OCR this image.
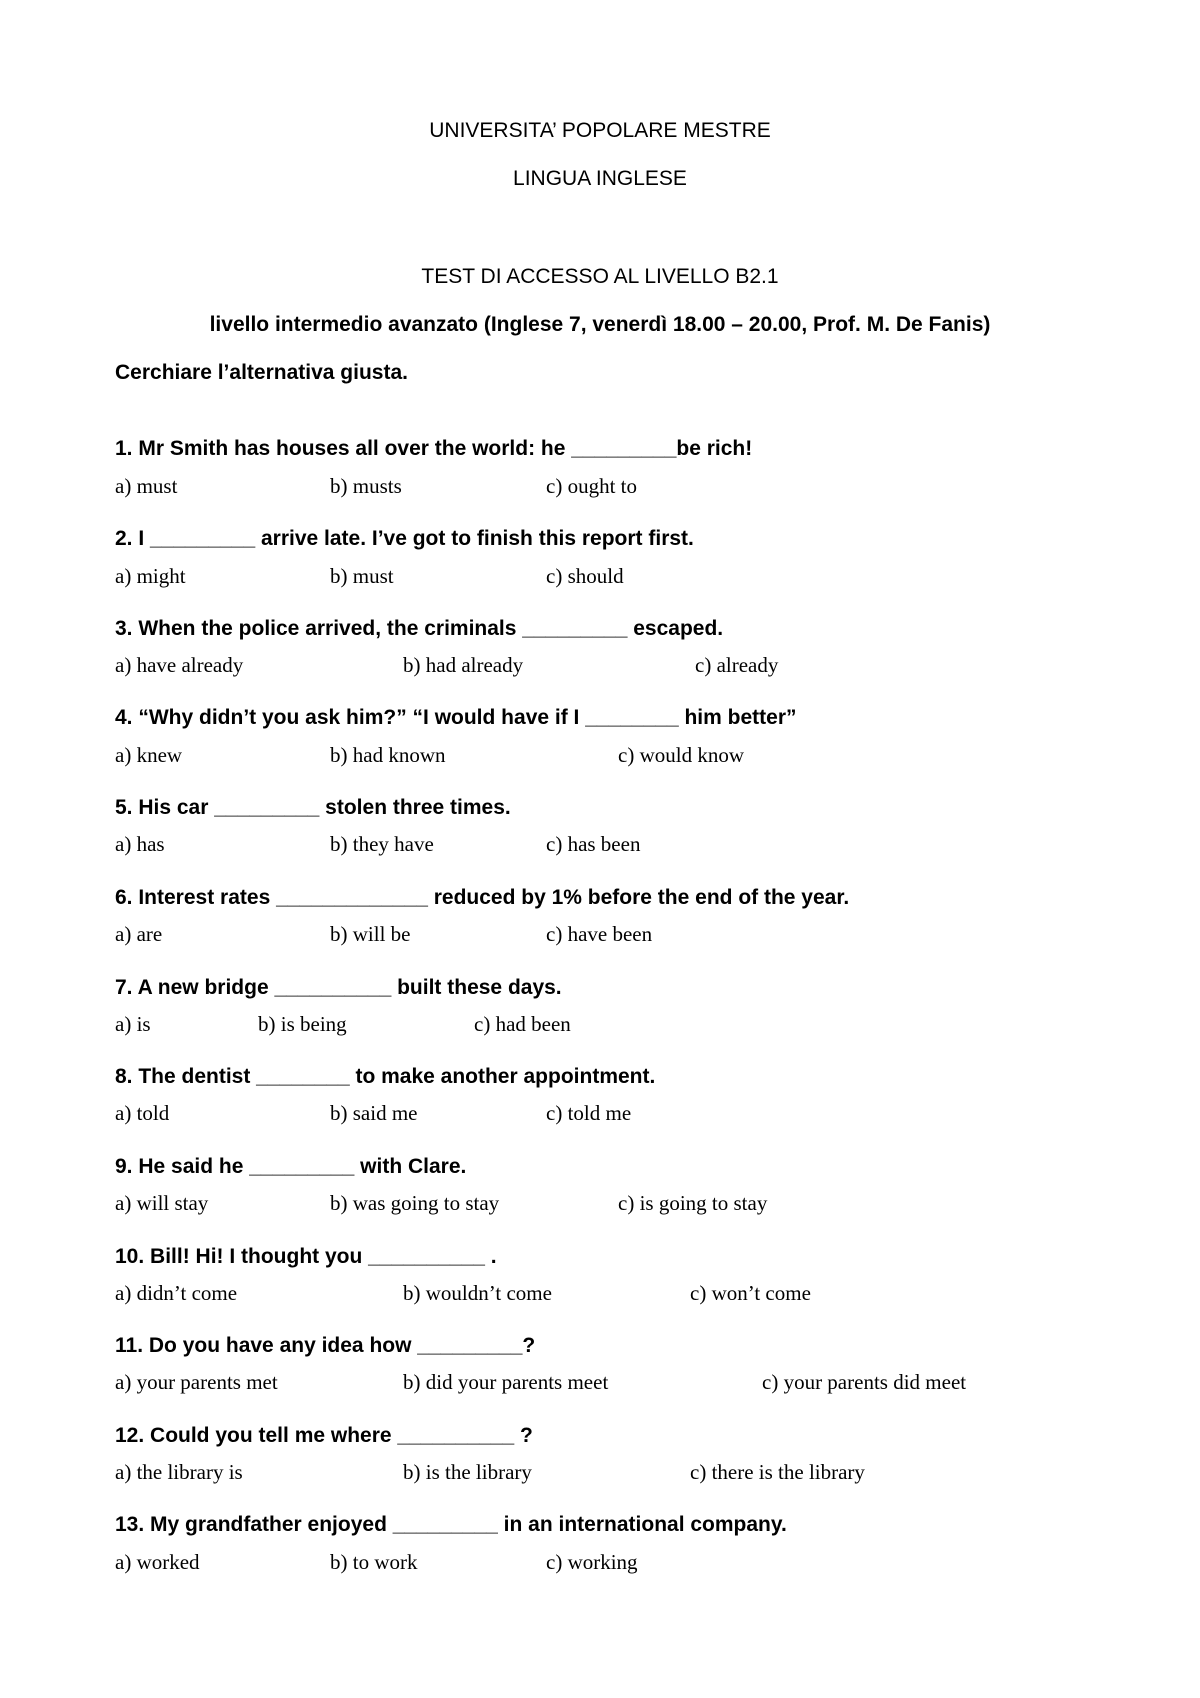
UNIVERSITA’ POPOLARE MESTRE
LINGUA INGLESE
TEST DI ACCESSO AL LIVELLO B2.1
livello intermedio avanzato (Inglese 7, venerdì 18.00 – 20.00, Prof. M. De Fanis)
Cerchiare l’alternativa giusta.
1. Mr Smith has houses all over the world: he _________be rich!
a) must	b) musts	c) ought to
2. I _________ arrive late. I’ve got to finish this report first.
a) might	b) must	c) should
3. When the police arrived, the criminals _________ escaped.
a) have already	b) had already	c) already
4. “Why didn’t you ask him?” “I would have if I ________ him better”
a) knew	b) had known	c) would know
5. His car _________ stolen three times.
a) has	b) they have	c) has been
6. Interest rates _____________ reduced by 1% before the end of the year.
a) are	b) will be	c) have been
7. A new bridge __________ built these days.
a) is	b) is being	c) had been
8. The dentist ________ to make another appointment.
a) told	b) said me	c) told me
9. He said he _________ with Clare.
a) will stay	b) was going to stay	c) is going to stay
10. Bill! Hi! I thought you __________ .
a) didn’t come	b) wouldn’t come	c) won’t come
11. Do you have any idea how _________?
a) your parents met	b) did your parents meet	c) your parents did meet
12. Could you tell me where __________ ?
a) the library is	b) is the library	c) there is the library
13. My grandfather enjoyed _________ in an international company.
a) worked	b) to work	c) working
